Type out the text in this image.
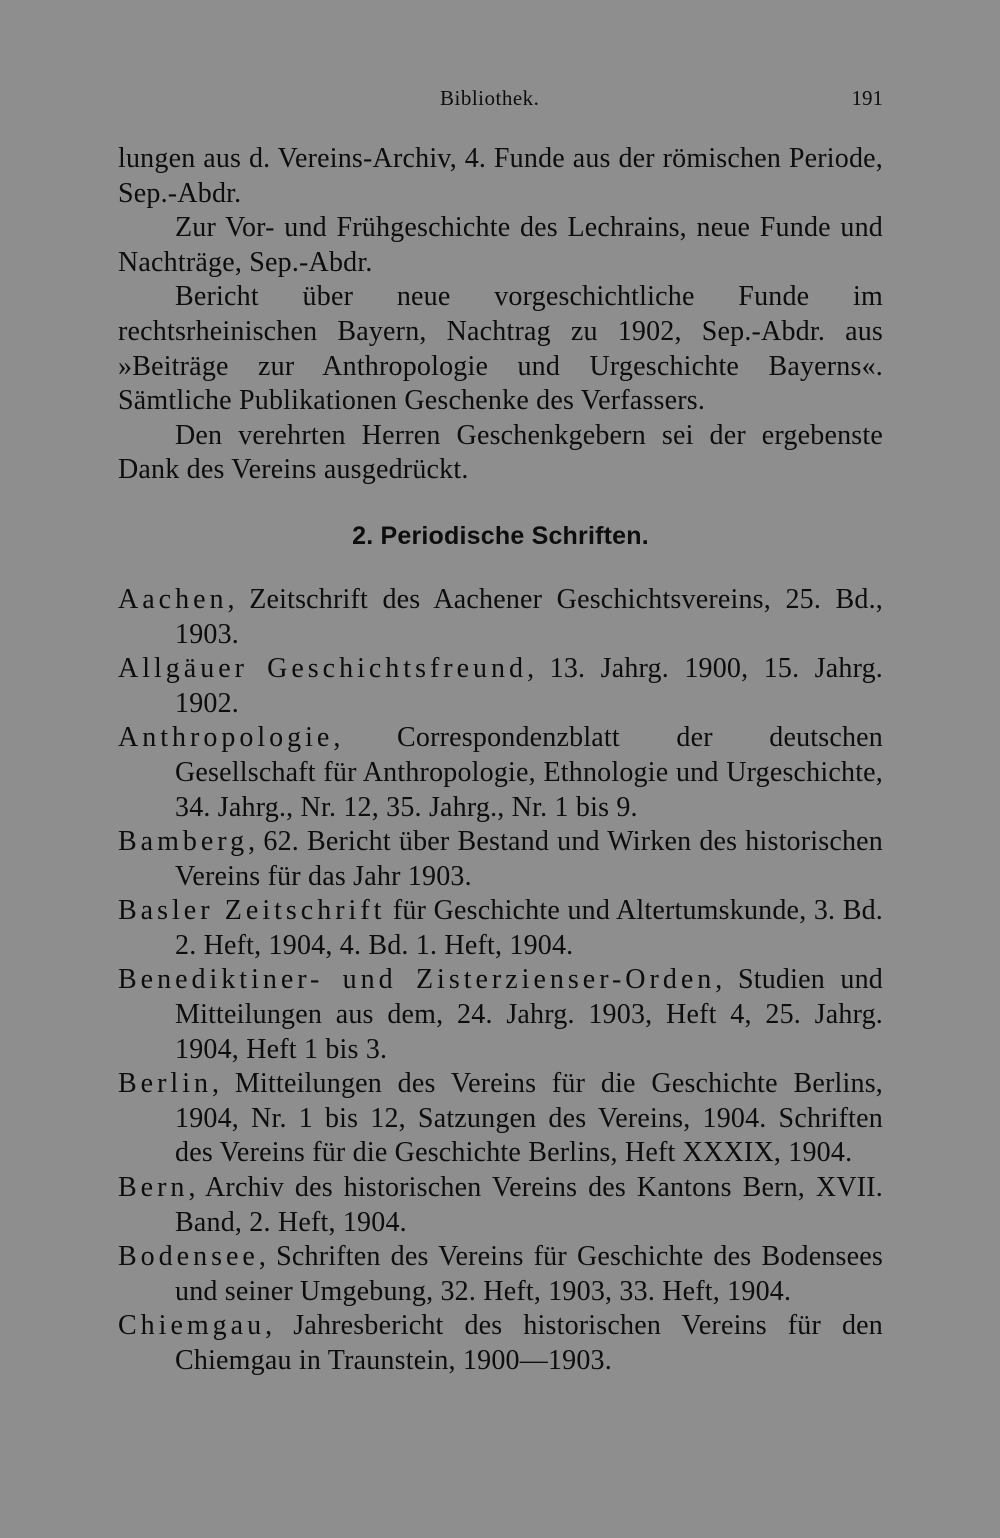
Bibliothek.	191

lungen aus d. Vereins-Archiv, 4. Funde aus der römischen Periode, Sep.-Abdr.

Zur Vor- und Frühgeschichte des Lechrains, neue Funde und Nachträge, Sep.-Abdr.

Bericht über neue vorgeschichtliche Funde im rechtsrheinischen Bayern, Nachtrag zu 1902, Sep.-Abdr. aus »Beiträge zur Anthropologie und Urgeschichte Bayerns«. Sämtliche Publikationen Geschenke des Verfassers.

Den verehrten Herren Geschenkgebern sei der ergebenste Dank des Vereins ausgedrückt.

2. Periodische Schriften.

Aachen, Zeitschrift des Aachener Geschichtsvereins, 25. Bd., 1903.

Allgäuer Geschichtsfreund, 13. Jahrg. 1900, 15. Jahrg. 1902.

Anthropologie, Correspondenzblatt der deutschen Gesellschaft für Anthropologie, Ethnologie und Urgeschichte, 34. Jahrg., Nr. 12, 35. Jahrg., Nr. 1 bis 9.

Bamberg, 62. Bericht über Bestand und Wirken des historischen Vereins für das Jahr 1903.

Basler Zeitschrift für Geschichte und Altertumskunde, 3. Bd. 2. Heft, 1904, 4. Bd. 1. Heft, 1904.

Benediktiner- und Zisterzienser-Orden, Studien und Mitteilungen aus dem, 24. Jahrg. 1903, Heft 4, 25. Jahrg. 1904, Heft 1 bis 3.

Berlin, Mitteilungen des Vereins für die Geschichte Berlins, 1904, Nr. 1 bis 12, Satzungen des Vereins, 1904. Schriften des Vereins für die Geschichte Berlins, Heft XXXIX, 1904.

Bern, Archiv des historischen Vereins des Kantons Bern, XVII. Band, 2. Heft, 1904.

Bodensee, Schriften des Vereins für Geschichte des Bodensees und seiner Umgebung, 32. Heft, 1903, 33. Heft, 1904.

Chiemgau, Jahresbericht des historischen Vereins für den Chiemgau in Traunstein, 1900—1903.
